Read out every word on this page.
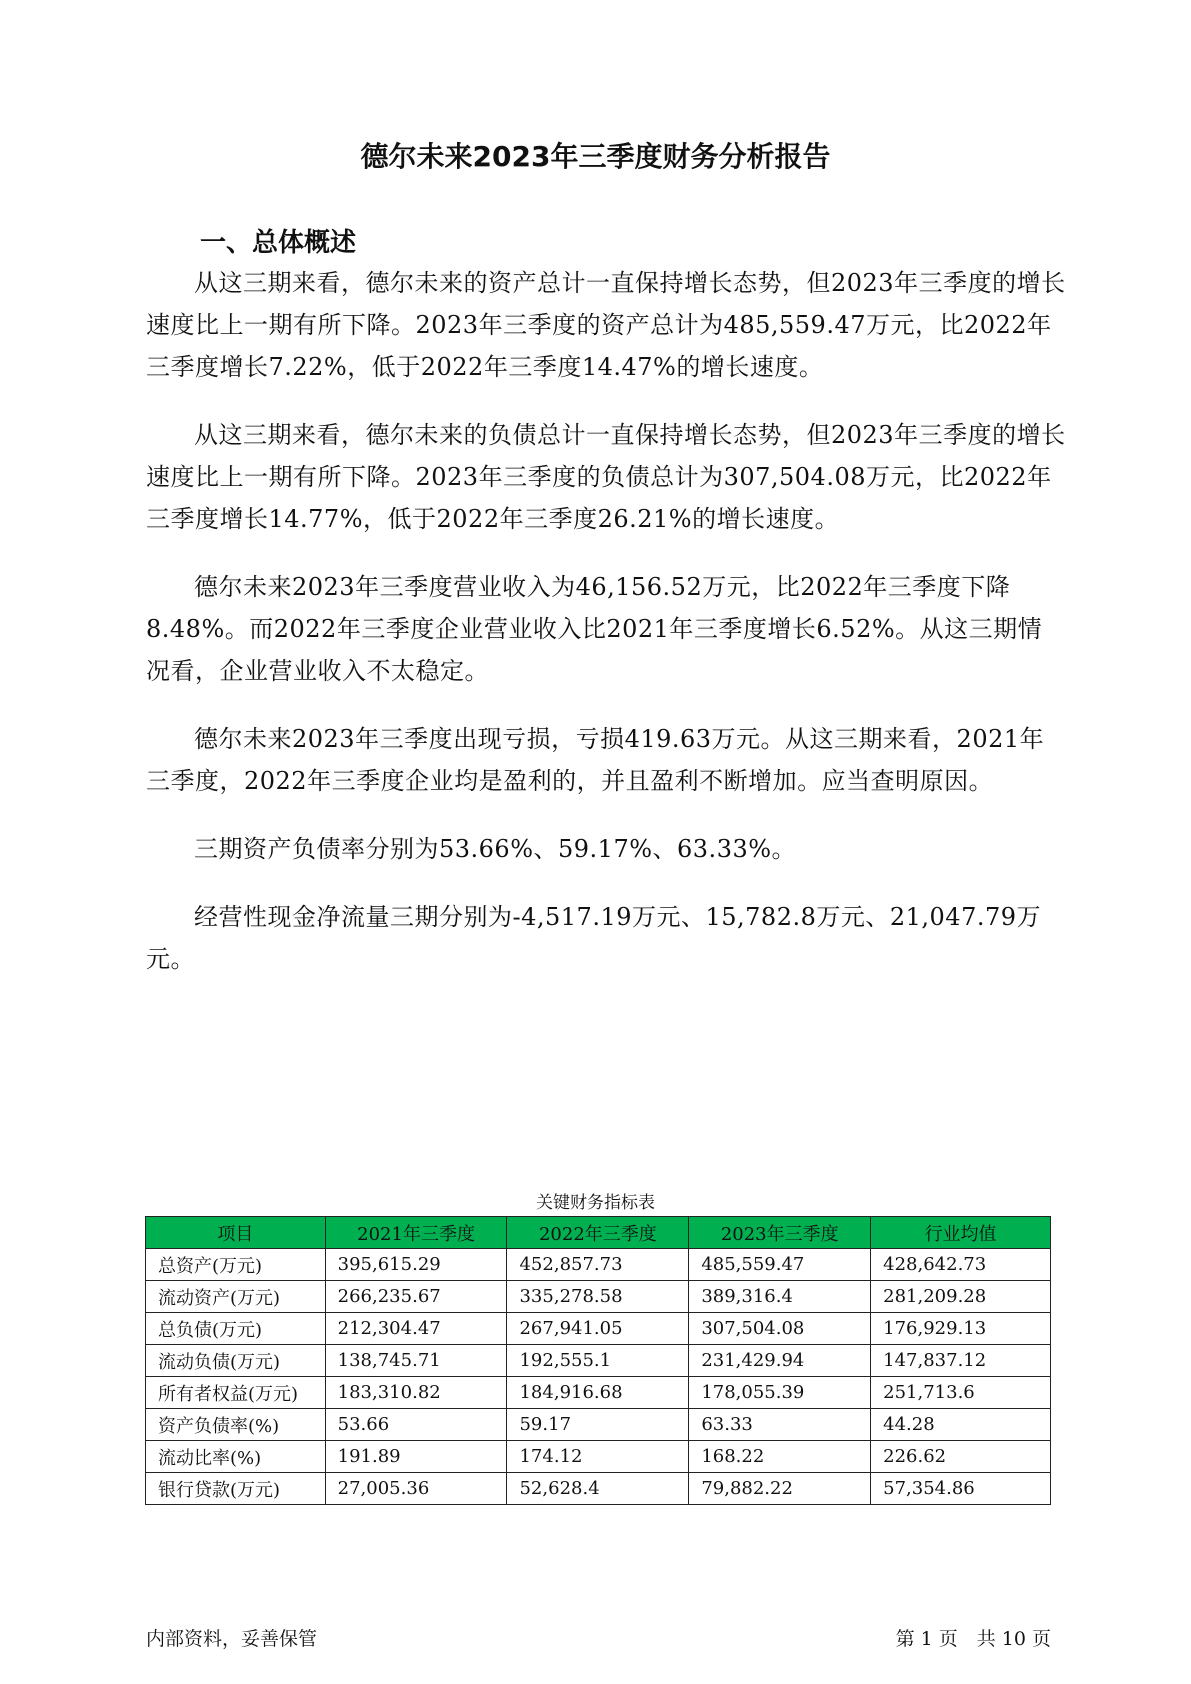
德尔未来2023年三季度财务分析报告
一、总体概述

从这三期来看，德尔未来的资产总计一直保持增长态势，但2023年三季度的增长速度比上一期有所下降。2023年三季度的资产总计为485,559.47万元，比2022年三季度增长7.22%，低于2022年三季度14.47%的增长速度。

从这三期来看，德尔未来的负债总计一直保持增长态势，但2023年三季度的增长速度比上一期有所下降。2023年三季度的负债总计为307,504.08万元，比2022年三季度增长14.77%，低于2022年三季度26.21%的增长速度。

德尔未来2023年三季度营业收入为46,156.52万元，比2022年三季度下降8.48%。而2022年三季度企业营业收入比2021年三季度增长6.52%。从这三期情况看，企业营业收入不太稳定。

德尔未来2023年三季度出现亏损，亏损419.63万元。从这三期来看，2021年三季度，2022年三季度企业均是盈利的，并且盈利不断增加。应当查明原因。

三期资产负债率分别为53.66%、59.17%、63.33%。

经营性现金净流量三期分别为-4,517.19万元、15,782.8万元、21,047.79万元。

关键财务指标表
项目	2021年三季度	2022年三季度	2023年三季度	行业均值
总资产(万元)	395,615.29	452,857.73	485,559.47	428,642.73
流动资产(万元)	266,235.67	335,278.58	389,316.4	281,209.28
总负债(万元)	212,304.47	267,941.05	307,504.08	176,929.13
流动负债(万元)	138,745.71	192,555.1	231,429.94	147,837.12
所有者权益(万元)	183,310.82	184,916.68	178,055.39	251,713.6
资产负债率(%)	53.66	59.17	63.33	44.28
流动比率(%)	191.89	174.12	168.22	226.62
银行贷款(万元)	27,005.36	52,628.4	79,882.22	57,354.86
内部资料，妥善保管	第 1 页　共 10 页
